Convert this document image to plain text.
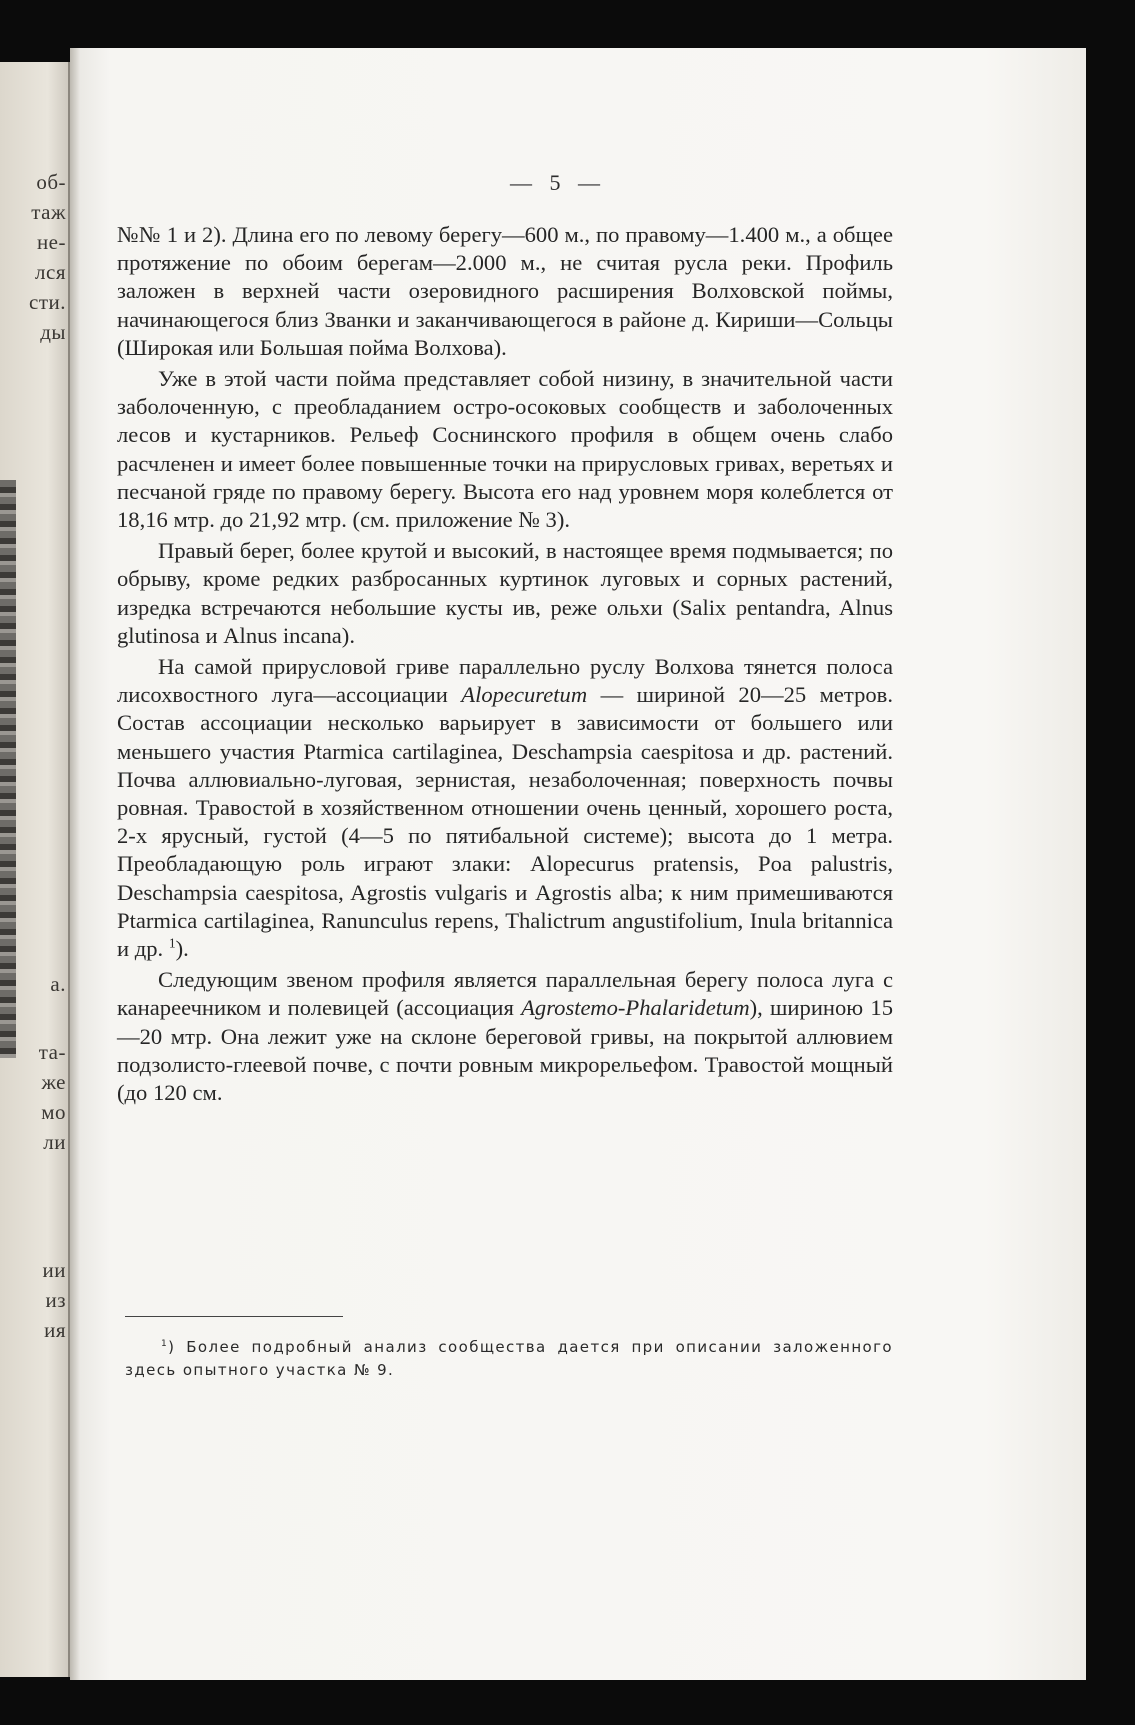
об-
таж
не-
лся
сти.
ды
а.
та-
же
мо
ли
ии
из
ия
— 5 —

№№ 1 и 2). Длина его по левому берегу—600 м., по правому—1.400 м., а общее протяжение по обоим берегам—2.000 м., не считая русла реки. Профиль заложен в верхней части озеровидного расширения Волховской поймы, начинающегося близ Званки и заканчивающегося в районе д. Кириши—Сольцы (Широкая или Большая пойма Волхова).

Уже в этой части пойма представляет собой низину, в значительной части заболоченную, с преобладанием остро-осоковых сообществ и заболоченных лесов и кустарников. Рельеф Соснинского профиля в общем очень слабо расчленен и имеет более повышенные точки на прирусловых гривах, веретьях и песчаной гряде по правому берегу. Высота его над уровнем моря колеблется от 18,16 мтр. до 21,92 мтр. (см. приложение № 3).

Правый берег, более крутой и высокий, в настоящее время подмывается; по обрыву, кроме редких разбросанных куртинок луговых и сорных растений, изредка встречаются небольшие кусты ив, реже ольхи (Salix pentandra, Alnus glutinosa и Alnus incana).

На самой прирусловой гриве параллельно руслу Волхова тянется полоса лисохвостного луга—ассоциации Alopecuretum — шириной 20—25 метров. Состав ассоциации несколько варьирует в зависимости от большего или меньшего участия Ptarmica cartilaginea, Deschampsia caespitosa и др. растений. Почва аллювиально-луговая, зернистая, незаболоченная; поверхность почвы ровная. Травостой в хозяйственном отношении очень ценный, хорошего роста, 2-х ярусный, густой (4—5 по пятибальной системе); высота до 1 метра. Преобладающую роль играют злаки: Alopecurus pratensis, Poa palustris, Deschampsia caespitosa, Agrostis vulgaris и Agrostis alba; к ним примешиваются Ptarmica cartilaginea, Ranunculus repens, Thalictrum angustifolium, Inula britannica и др. $^1$).

Следующим звеном профиля является параллельная берегу полоса луга с канареечником и полевицей (ассоциация Agrostето-Phalaridetum), шириною 15—20 мтр. Она лежит уже на склоне береговой гривы, на покрытой аллювием подзолисто-глеевой почве, с почти ровным микрорельефом. Травостой мощный (до 120 см.

$^1$) Более подробный анализ сообщества дается при описании заложенного здесь опытного участка № 9.
